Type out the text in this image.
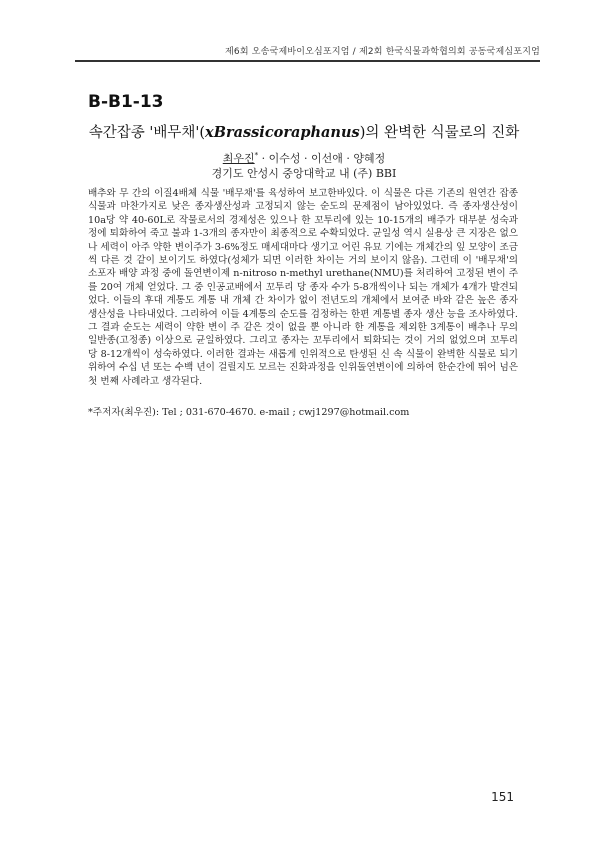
제6회 오송국제바이오심포지엄 / 제2회 한국식물과학협의회 공동국제심포지엄
B-B1-13
속간잡종 '배무채'(xBrassicoraphanus)의 완벽한 식물로의 진화
최우진* · 이수성 · 이선애 · 양혜정
경기도 안성시 중앙대학교 내 (주) BBI

배추와 무 간의 이질4배체 식물 '배무채'를 육성하여 보고한바있다. 이 식물은 다른 기존의 원연간 잡종식물과 마찬가지로 낮은 종자생산성과 고정되지 않는 순도의 문제점이 남아있었다. 즉 종자생산성이 10a당 약 40-60L로 작물로서의 경제성은 있으나 한 꼬투리에 있는 10-15개의 배주가 대부분 성숙과정에 퇴화하여 죽고 불과 1-3개의 종자만이 최종적으로 수확되었다. 균일성 역시 실용상 큰 지장은 없으나 세력이 아주 약한 변이주가 3-6%정도 매세대마다 생기고 어린 유묘 기에는 개체간의 잎 모양이 조금씩 다른 것 같이 보이기도 하였다(성체가 되면 이러한 차이는 거의 보이지 않음). 그런데 이 '배무채'의 소포자 배양 과정 중에 돌연변이제 n-nitroso n-methyl urethane(NMU)를 처리하여 고정된 변이 주를 20여 개체 얻었다. 그 중 인공교배에서 꼬투리 당 종자 수가 5-8개씩이나 되는 개체가 4개가 발견되었다. 이들의 후대 계통도 계통 내 개체 간 차이가 없이 전년도의 개체에서 보여준 바와 같은 높은 종자 생산성을 나타내었다. 그리하여 이들 4계통의 순도를 검정하는 한편 계통별 종자 생산 능을 조사하였다. 그 결과 순도는 세력이 약한 변이 주 같은 것이 없을 뿐 아니라 한 계통을 제외한 3계통이 배추나 무의 일반종(고정종) 이상으로 균일하였다. 그리고 종자는 꼬투리에서 퇴화되는 것이 거의 없었으며 꼬투리 당 8-12개씩이 성숙하였다. 이러한 결과는 새롭게 인위적으로 탄생된 신 속 식물이 완벽한 식물로 되기 위하여 수십 년 또는 수백 년이 걸릴지도 모르는 진화과정을 인위돌연변이에 의하여 한순간에 뛰어 넘은 첫 번째 사례라고 생각된다.

*주저자(최우진): Tel ; 031-670-4670. e-mail ; cwj1297@hotmail.com
151
